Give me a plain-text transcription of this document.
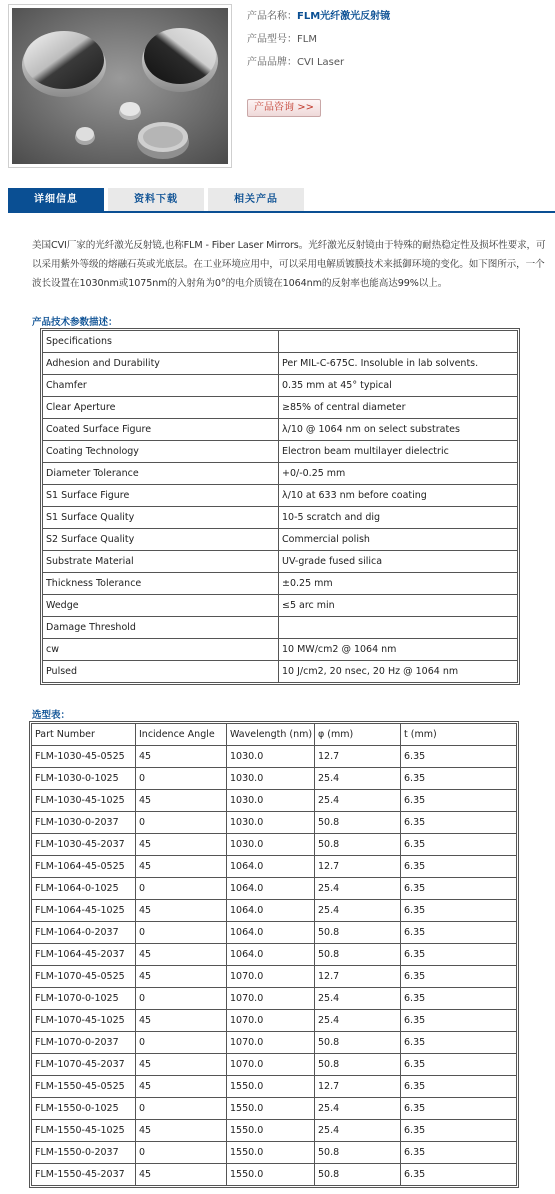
产品名称：FLM光纤激光反射镜
产品型号：FLM
产品品牌：CVI Laser
产品咨询 >>
详细信息	资料下载	相关产品

美国CVI厂家的光纤激光反射镜,也称FLM - Fiber Laser Mirrors。光纤激光反射镜由于特殊的耐热稳定性及损坏性要求，可以采用紫外等级的熔融石英或光底层。在工业环境应用中，可以采用电解质镀膜技术来抵御环境的变化。如下图所示，一个波长设置在1030nm或1075nm的入射角为0°的电介质镜在1064nm的反射率也能高达99%以上。

产品技术参数描述：
Specifications	
Adhesion and Durability	Per MIL-C-675C. Insoluble in lab solvents.
Chamfer	0.35 mm at 45° typical
Clear Aperture	≥85% of central diameter
Coated Surface Figure	λ/10 @ 1064 nm on select substrates
Coating Technology	Electron beam multilayer dielectric
Diameter Tolerance	+0/-0.25 mm
S1 Surface Figure	λ/10 at 633 nm before coating
S1 Surface Quality	10-5 scratch and dig
S2 Surface Quality	Commercial polish
Substrate Material	UV-grade fused silica
Thickness Tolerance	±0.25 mm
Wedge	≤5 arc min
Damage Threshold	
cw	10 MW/cm2 @ 1064 nm
Pulsed	10 J/cm2, 20 nsec, 20 Hz @ 1064 nm
选型表：
Part Number	Incidence Angle	Wavelength (nm)	φ (mm)	t (mm)
FLM-1030-45-0525	45	1030.0	12.7	6.35
FLM-1030-0-1025	0	1030.0	25.4	6.35
FLM-1030-45-1025	45	1030.0	25.4	6.35
FLM-1030-0-2037	0	1030.0	50.8	6.35
FLM-1030-45-2037	45	1030.0	50.8	6.35
FLM-1064-45-0525	45	1064.0	12.7	6.35
FLM-1064-0-1025	0	1064.0	25.4	6.35
FLM-1064-45-1025	45	1064.0	25.4	6.35
FLM-1064-0-2037	0	1064.0	50.8	6.35
FLM-1064-45-2037	45	1064.0	50.8	6.35
FLM-1070-45-0525	45	1070.0	12.7	6.35
FLM-1070-0-1025	0	1070.0	25.4	6.35
FLM-1070-45-1025	45	1070.0	25.4	6.35
FLM-1070-0-2037	0	1070.0	50.8	6.35
FLM-1070-45-2037	45	1070.0	50.8	6.35
FLM-1550-45-0525	45	1550.0	12.7	6.35
FLM-1550-0-1025	0	1550.0	25.4	6.35
FLM-1550-45-1025	45	1550.0	25.4	6.35
FLM-1550-0-2037	0	1550.0	50.8	6.35
FLM-1550-45-2037	45	1550.0	50.8	6.35
